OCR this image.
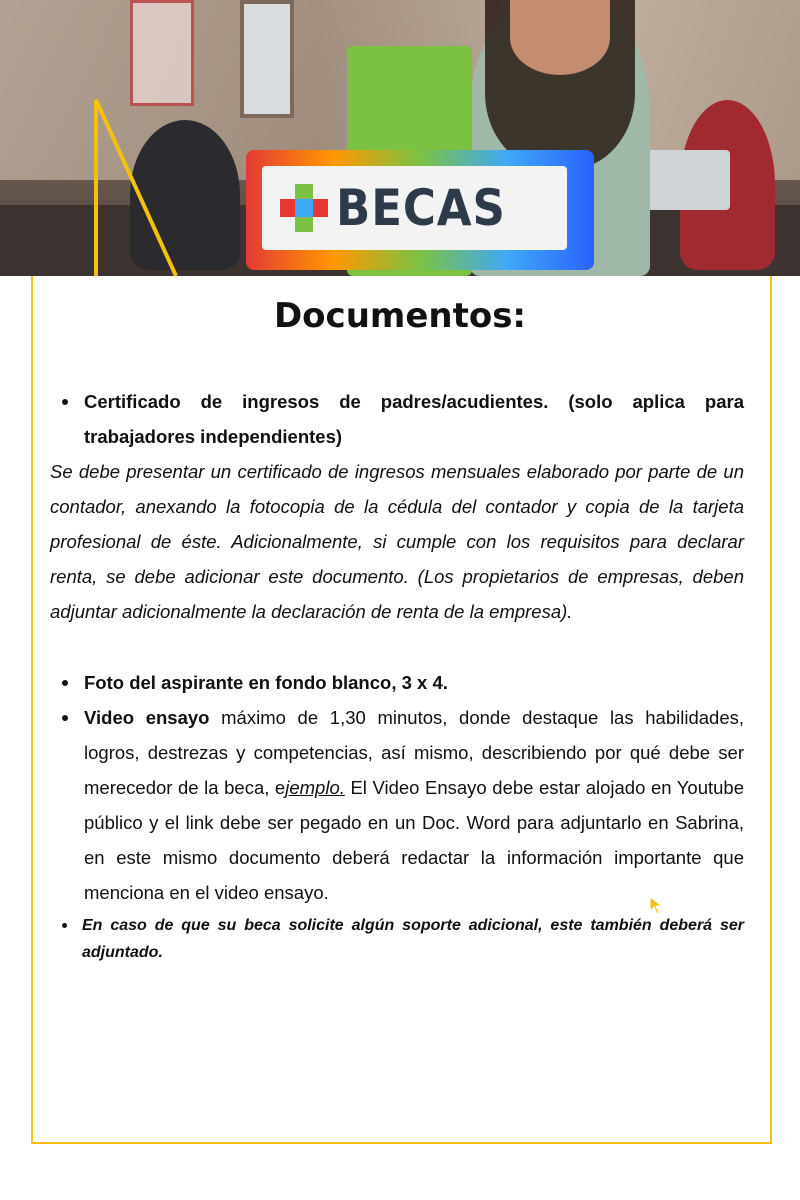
BECAS
Documentos:

Certificado de ingresos de padres/acudientes. (solo aplica para trabajadores independientes)

Se debe presentar un certificado de ingresos mensuales elaborado por parte de un contador, anexando la fotocopia de la cédula del contador y copia de la tarjeta profesional de éste. Adicionalmente, si cumple con los requisitos para declarar renta, se debe adicionar este documento. (Los propietarios de empresas, deben adjuntar adicionalmente la declaración de renta de la empresa).

Foto del aspirante en fondo blanco, 3 x 4.

Video ensayo máximo de 1,30 minutos, donde destaque las habilidades, logros, destrezas y competencias, así mismo, describiendo por qué debe ser merecedor de la beca, ejemplo. El Video Ensayo debe estar alojado en Youtube público y el link debe ser pegado en un Doc. Word para adjuntarlo en Sabrina, en este mismo documento deberá redactar la información importante que menciona en el video ensayo.

En caso de que su beca solicite algún soporte adicional, este también deberá ser adjuntado.
